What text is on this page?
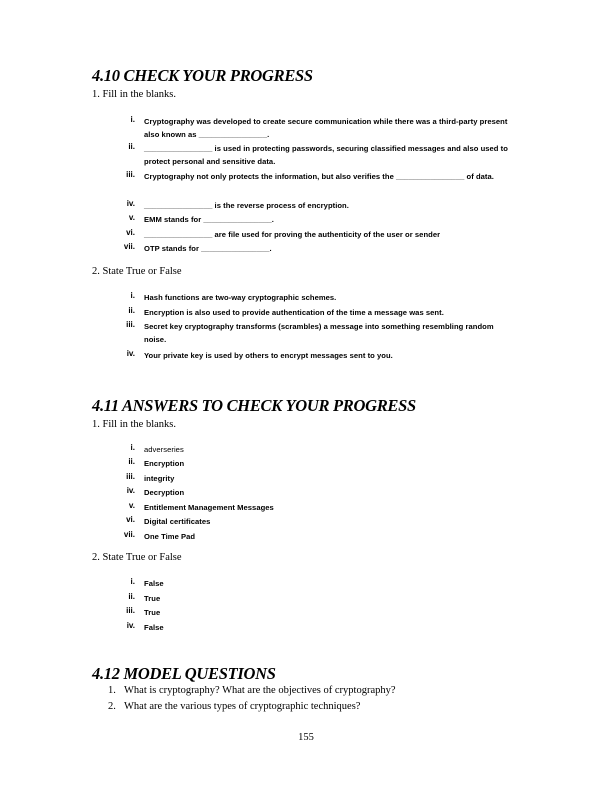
4.10 CHECK YOUR PROGRESS
1. Fill in the blanks.
i. Cryptography was developed to create secure communication while there was a third-party present also known as ________________.
ii. ________________ is used in protecting passwords, securing classified messages and also used to protect personal and sensitive data.
iii. Cryptography not only protects the information, but also verifies the ________________ of data.
iv. ________________ is the reverse process of encryption.
v. EMM stands for ________________.
vi. ________________ are file used for proving the authenticity of the user or sender
vii. OTP stands for ________________.
2. State True or False
i. Hash functions are two-way cryptographic schemes.
ii. Encryption is also used to provide authentication of the time a message was sent.
iii. Secret key cryptography transforms (scrambles) a message into something resembling random noise.
iv. Your private key is used by others to encrypt messages sent to you.
4.11 ANSWERS TO CHECK YOUR PROGRESS
1. Fill in the blanks.
i. adverseries
ii. Encryption
iii. integrity
iv. Decryption
v. Entitlement Management Messages
vi. Digital certificates
vii. One Time Pad
2. State True or False
i. False
ii. True
iii. True
iv. False
4.12 MODEL QUESTIONS
1. What is cryptography? What are the objectives of cryptography?
2. What are the various types of cryptographic techniques?
155
